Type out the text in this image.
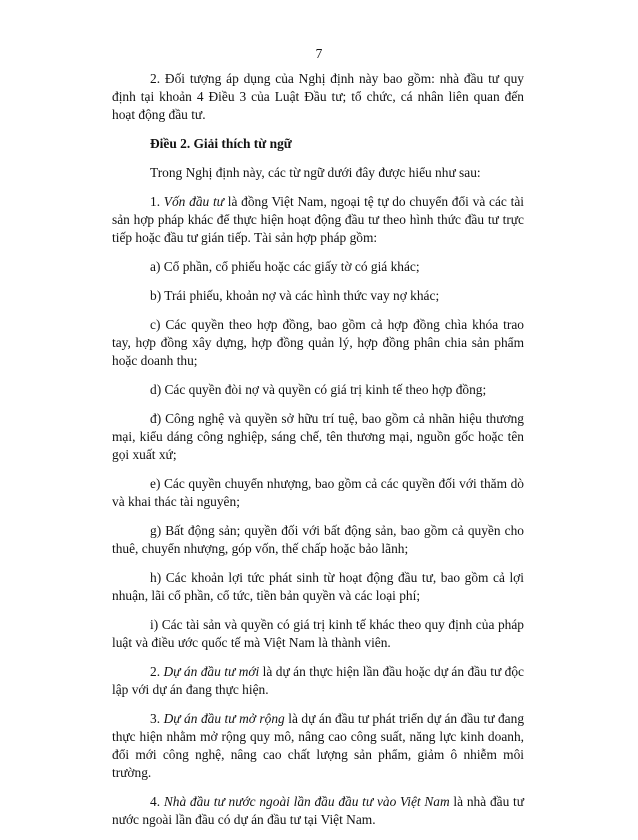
7

2. Đối tượng áp dụng của Nghị định này bao gồm: nhà đầu tư quy định tại khoản 4 Điều 3 của Luật Đầu tư; tổ chức, cá nhân liên quan đến hoạt động đầu tư.

Điều 2. Giải thích từ ngữ

Trong Nghị định này, các từ ngữ dưới đây được hiểu như sau:

1. Vốn đầu tư là đồng Việt Nam, ngoại tệ tự do chuyển đổi và các tài sản hợp pháp khác để thực hiện hoạt động đầu tư theo hình thức đầu tư trực tiếp hoặc đầu tư gián tiếp. Tài sản hợp pháp gồm:

a) Cổ phần, cổ phiếu hoặc các giấy tờ có giá khác;

b) Trái phiếu, khoản nợ và các hình thức vay nợ khác;

c) Các quyền theo hợp đồng, bao gồm cả hợp đồng chìa khóa trao tay, hợp đồng xây dựng, hợp đồng quản lý, hợp đồng phân chia sản phẩm hoặc doanh thu;

d) Các quyền đòi nợ và quyền có giá trị kinh tế theo hợp đồng;

đ) Công nghệ và quyền sở hữu trí tuệ, bao gồm cả nhãn hiệu thương mại, kiểu dáng công nghiệp, sáng chế, tên thương mại, nguồn gốc hoặc tên gọi xuất xứ;

e) Các quyền chuyển nhượng, bao gồm cả các quyền đối với thăm dò và khai thác tài nguyên;

g) Bất động sản; quyền đối với bất động sản, bao gồm cả quyền cho thuê, chuyển nhượng, góp vốn, thế chấp hoặc bảo lãnh;

h) Các khoản lợi tức phát sinh từ hoạt động đầu tư, bao gồm cả lợi nhuận, lãi cổ phần, cổ tức, tiền bản quyền và các loại phí;

i) Các tài sản và quyền có giá trị kinh tế khác theo quy định của pháp luật và điều ước quốc tế mà Việt Nam là thành viên.

2. Dự án đầu tư mới là dự án thực hiện lần đầu hoặc dự án đầu tư độc lập với dự án đang thực hiện.

3. Dự án đầu tư mở rộng là dự án đầu tư phát triển dự án đầu tư đang thực hiện nhằm mở rộng quy mô, nâng cao công suất, năng lực kinh doanh, đổi mới công nghệ, nâng cao chất lượng sản phẩm, giảm ô nhiễm môi trường.

4. Nhà đầu tư nước ngoài lần đầu đầu tư vào Việt Nam là nhà đầu tư nước ngoài lần đầu có dự án đầu tư tại Việt Nam.
